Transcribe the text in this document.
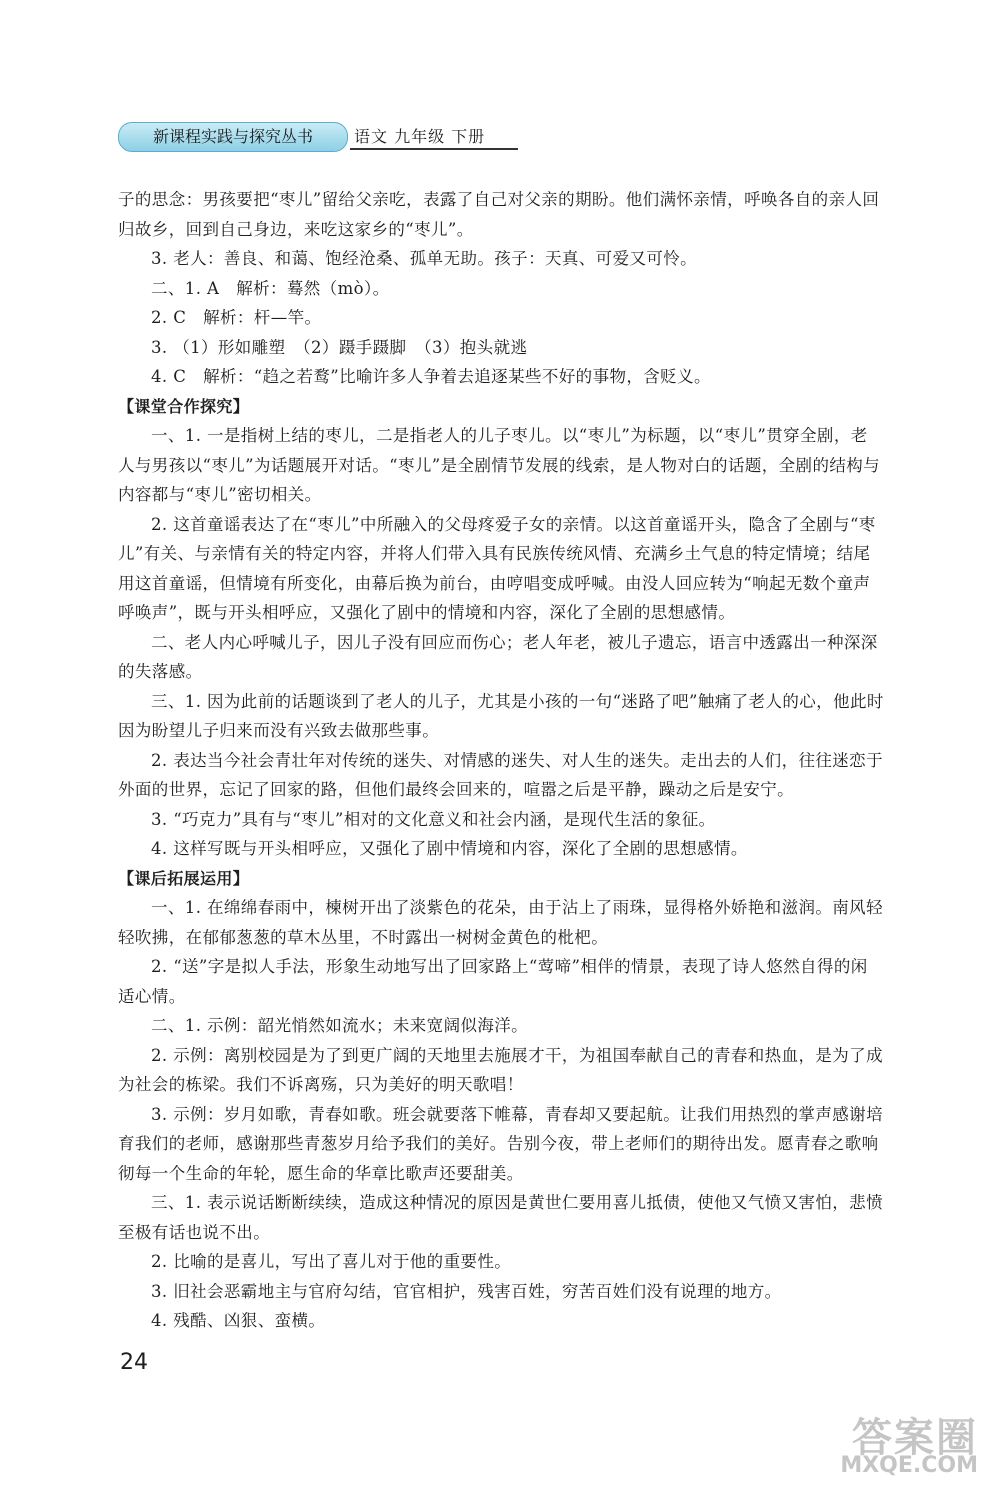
新课程实践与探究丛书	语文 九年级 下册

子的思念：男孩要把“枣儿”留给父亲吃，表露了自己对父亲的期盼。他们满怀亲情，呼唤各自的亲人回归故乡，回到自己身边，来吃这家乡的“枣儿”。

3. 老人：善良、和蔼、饱经沧桑、孤单无助。孩子：天真、可爱又可怜。

二、1. A　解析：蓦然（mò）。

2. C　解析：杆—竿。

3. （1）形如雕塑　（2）蹑手蹑脚　（3）抱头就逃

4. C　解析：“趋之若鹜”比喻许多人争着去追逐某些不好的事物，含贬义。

【课堂合作探究】

一、1. 一是指树上结的枣儿，二是指老人的儿子枣儿。以“枣儿”为标题，以“枣儿”贯穿全剧，老人与男孩以“枣儿”为话题展开对话。“枣儿”是全剧情节发展的线索，是人物对白的话题，全剧的结构与内容都与“枣儿”密切相关。

2. 这首童谣表达了在“枣儿”中所融入的父母疼爱子女的亲情。以这首童谣开头，隐含了全剧与“枣儿”有关、与亲情有关的特定内容，并将人们带入具有民族传统风情、充满乡土气息的特定情境；结尾用这首童谣，但情境有所变化，由幕后换为前台，由哼唱变成呼喊。由没人回应转为“响起无数个童声呼唤声”，既与开头相呼应，又强化了剧中的情境和内容，深化了全剧的思想感情。

二、老人内心呼喊儿子，因儿子没有回应而伤心；老人年老，被儿子遗忘，语言中透露出一种深深的失落感。

三、1. 因为此前的话题谈到了老人的儿子，尤其是小孩的一句“迷路了吧”触痛了老人的心，他此时因为盼望儿子归来而没有兴致去做那些事。

2. 表达当今社会青壮年对传统的迷失、对情感的迷失、对人生的迷失。走出去的人们，往往迷恋于外面的世界，忘记了回家的路，但他们最终会回来的，喧嚣之后是平静，躁动之后是安宁。

3. “巧克力”具有与“枣儿”相对的文化意义和社会内涵，是现代生活的象征。

4. 这样写既与开头相呼应，又强化了剧中情境和内容，深化了全剧的思想感情。

【课后拓展运用】

一、1. 在绵绵春雨中，楝树开出了淡紫色的花朵，由于沾上了雨珠，显得格外娇艳和滋润。南风轻轻吹拂，在郁郁葱葱的草木丛里，不时露出一树树金黄色的枇杷。

2. “送”字是拟人手法，形象生动地写出了回家路上“莺啼”相伴的情景，表现了诗人悠然自得的闲适心情。

二、1. 示例：韶光悄然如流水；未来宽阔似海洋。

2. 示例：离别校园是为了到更广阔的天地里去施展才干，为祖国奉献自己的青春和热血，是为了成为社会的栋梁。我们不诉离殇，只为美好的明天歌唱！

3. 示例：岁月如歌，青春如歌。班会就要落下帷幕，青春却又要起航。让我们用热烈的掌声感谢培育我们的老师，感谢那些青葱岁月给予我们的美好。告别今夜，带上老师们的期待出发。愿青春之歌响彻每一个生命的年轮，愿生命的华章比歌声还要甜美。

三、1. 表示说话断断续续，造成这种情况的原因是黄世仁要用喜儿抵债，使他又气愤又害怕，悲愤至极有话也说不出。

2. 比喻的是喜儿，写出了喜儿对于他的重要性。

3. 旧社会恶霸地主与官府勾结，官官相护，残害百姓，穷苦百姓们没有说理的地方。

4. 残酷、凶狠、蛮横。

24
答案圈
MXQE.COM
